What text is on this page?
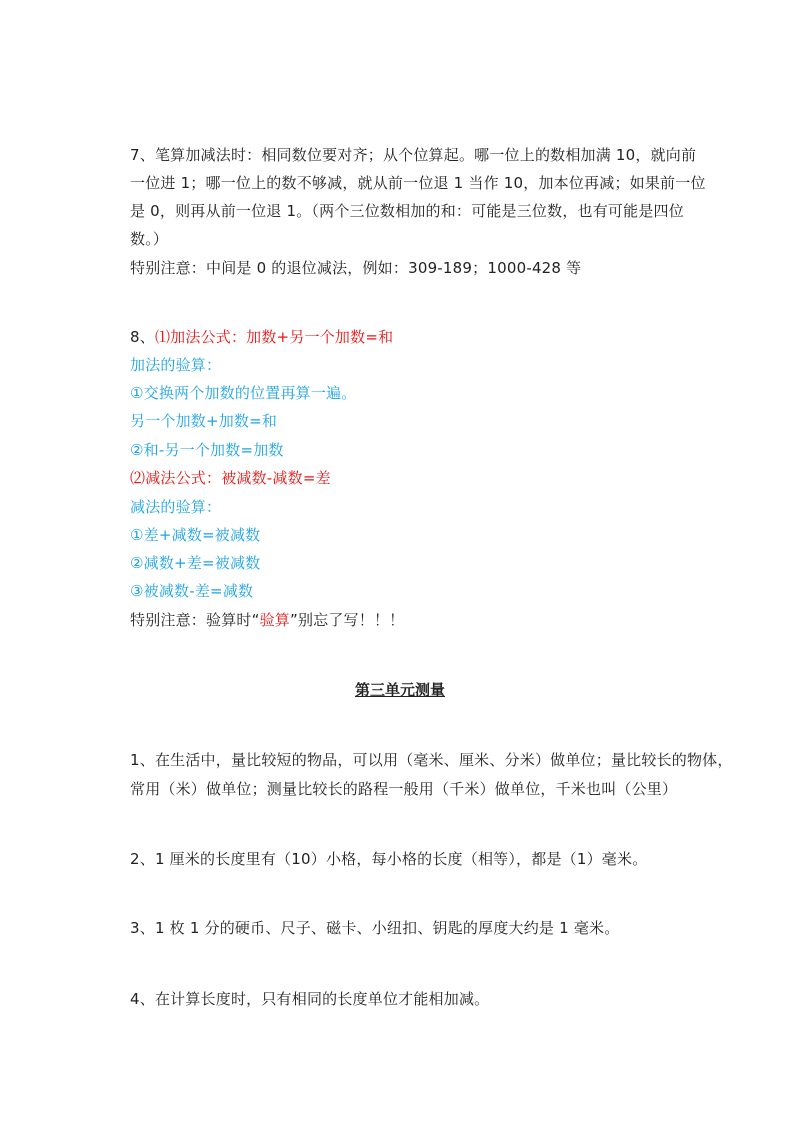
7、笔算加减法时：相同数位要对齐；从个位算起。哪一位上的数相加满 10，就向前
一位进 1；哪一位上的数不够减，就从前一位退 1 当作 10，加本位再减；如果前一位
是 0，则再从前一位退 1。（两个三位数相加的和：可能是三位数，也有可能是四位
数。）
特别注意：中间是 0 的退位减法，例如：309-189；1000-428 等
8、⑴加法公式：加数+另一个加数=和
加法的验算：
①交换两个加数的位置再算一遍。
另一个加数+加数=和
②和-另一个加数=加数
⑵减法公式：被减数-减数=差
减法的验算：
①差+减数=被减数
②减数+差=被减数
③被减数-差=减数
特别注意：验算时“验算”别忘了写！！！
第三单元测量
1、在生活中，量比较短的物品，可以用（毫米、厘米、分米）做单位；量比较长的物体，
常用（米）做单位；测量比较长的路程一般用（千米）做单位，千米也叫（公里）
2、1 厘米的长度里有（10）小格，每小格的长度（相等），都是（1）毫米。
3、1 枚 1 分的硬币、尺子、磁卡、小纽扣、钥匙的厚度大约是 1 毫米。
4、在计算长度时，只有相同的长度单位才能相加减。
